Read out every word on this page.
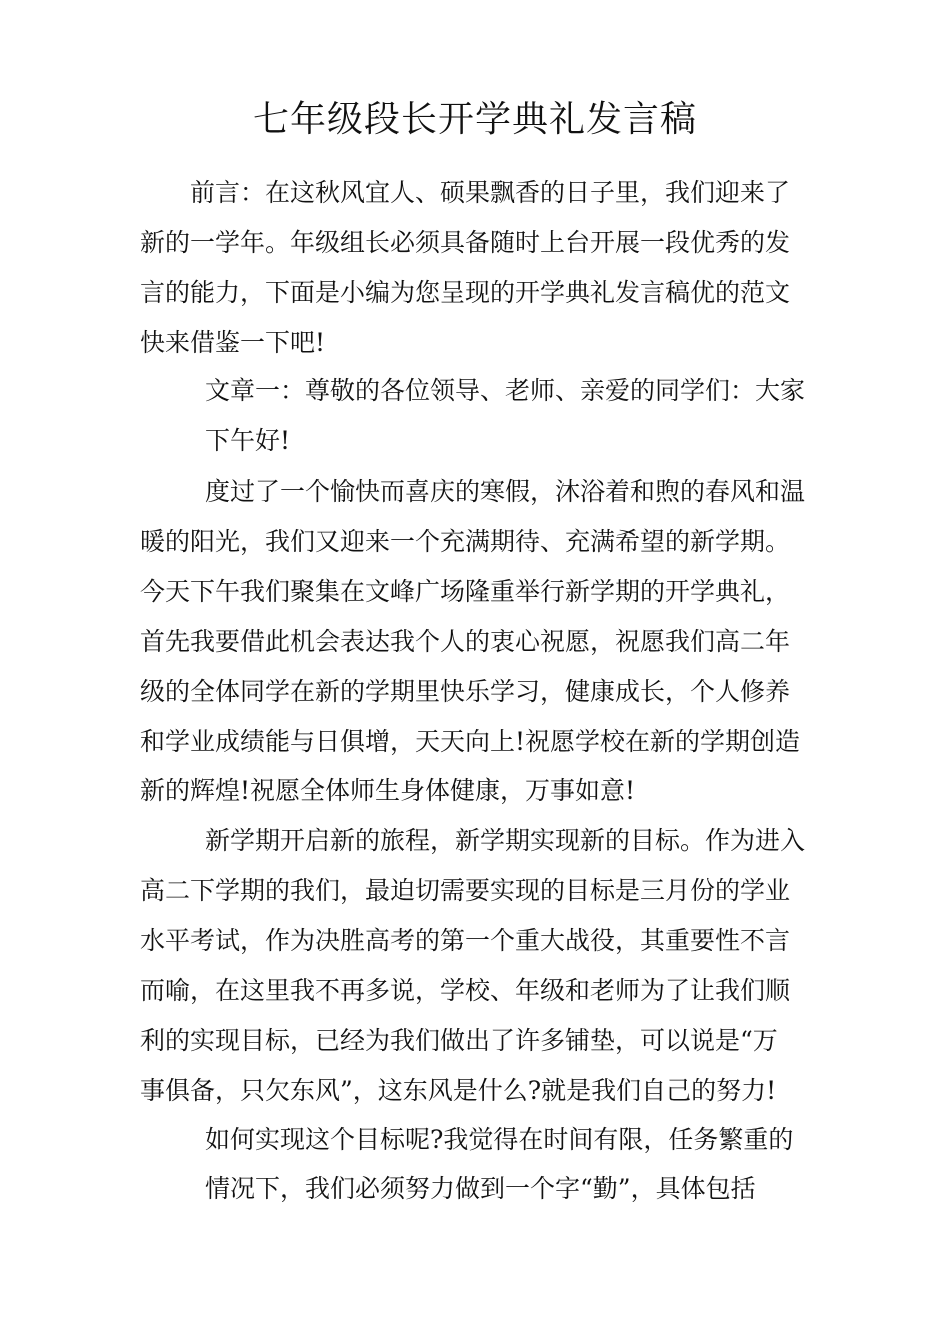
七年级段长开学典礼发言稿
前言：在这秋风宜人、硕果飘香的日子里，我们迎来了
新的一学年。年级组长必须具备随时上台开展一段优秀的发
言的能力，下面是小编为您呈现的开学典礼发言稿优的范文
快来借鉴一下吧!
文章一：尊敬的各位领导、老师、亲爱的同学们：大家
下午好!
度过了一个愉快而喜庆的寒假，沐浴着和煦的春风和温
暖的阳光，我们又迎来一个充满期待、充满希望的新学期。
今天下午我们聚集在文峰广场隆重举行新学期的开学典礼，
首先我要借此机会表达我个人的衷心祝愿，祝愿我们高二年
级的全体同学在新的学期里快乐学习，健康成长，个人修养
和学业成绩能与日俱增，天天向上!祝愿学校在新的学期创造
新的辉煌!祝愿全体师生身体健康，万事如意!
新学期开启新的旅程，新学期实现新的目标。作为进入
高二下学期的我们，最迫切需要实现的目标是三月份的学业
水平考试，作为决胜高考的第一个重大战役，其重要性不言
而喻，在这里我不再多说，学校、年级和老师为了让我们顺
利的实现目标，已经为我们做出了许多铺垫，可以说是“万
事俱备，只欠东风”，这东风是什么?就是我们自己的努力!
如何实现这个目标呢?我觉得在时间有限，任务繁重的
情况下，我们必须努力做到一个字“勤”，具体包括
